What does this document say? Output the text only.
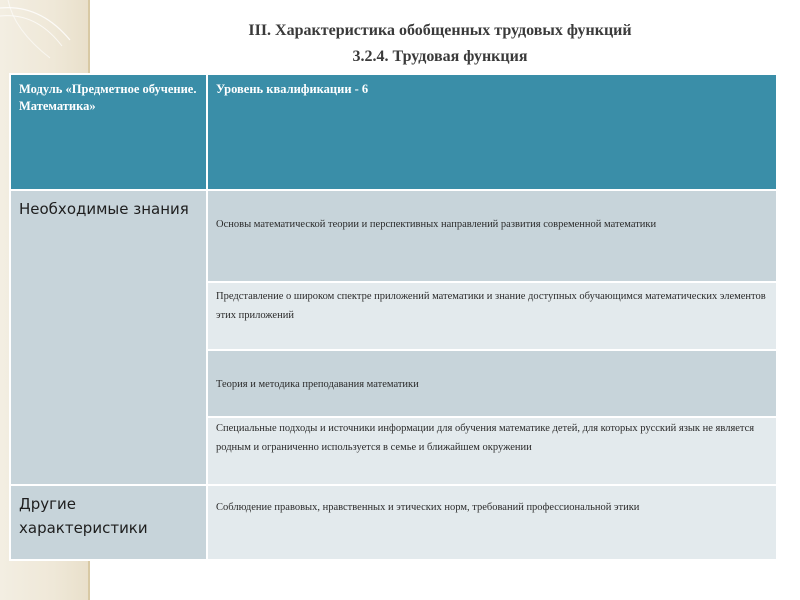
III. Характеристика обобщенных трудовых функций
3.2.4. Трудовая функция
Модуль «Предметное обучение. Математика»	Уровень квалификации - 6
Необходимые знания	Основы математической теории и перспективных направлений развития современной математики

	Представление о широком спектре приложений математики и знание доступных обучающимся математических элементов этих приложений

	Теория и методика преподавания математики

	Специальные подходы и источники информации для обучения математике детей, для которых русский язык не является родным и ограниченно используется в семье и ближайшем окружении

Другие характеристики	Соблюдение правовых, нравственных и этических норм, требований профессиональной этики
